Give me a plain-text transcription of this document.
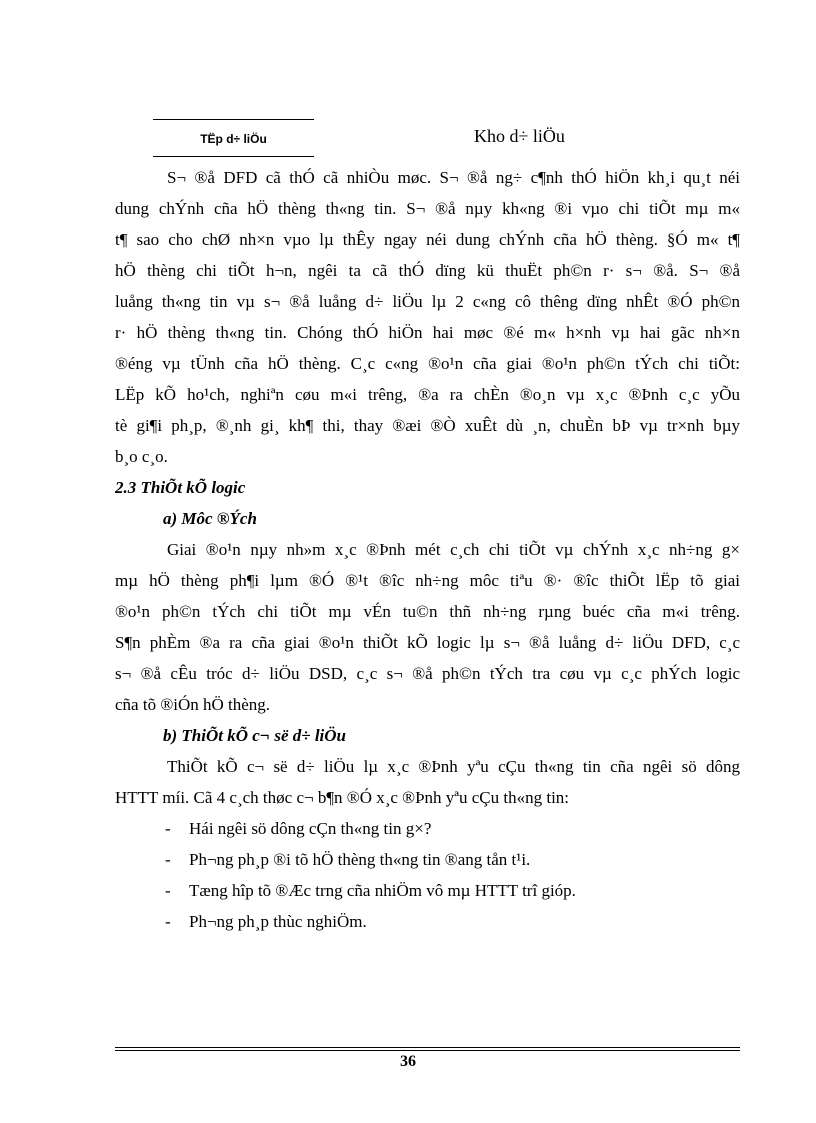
TËp d÷ liÖu	Kho d÷ liÖu
S¬ ®å DFD cã thÓ cã nhiÒu møc. S¬ ®å ng÷ c¶nh thÓ hiÖn kh¸i qu¸t néi
dung chÝnh cña hÖ thèng th«ng tin. S¬ ®å nµy kh«ng ®i vµo chi tiÕt mµ m«
t¶ sao cho chØ nh×n vµo lµ thÊy ngay néi dung chÝnh cña hÖ thèng. §Ó m« t¶
hÖ thèng chi tiÕt h¬n, ngêi ta cã thÓ dïng kü thuËt ph©n r· s¬ ®å. S¬ ®å
luång th«ng tin vµ s¬ ®å luång d÷ liÖu lµ 2 c«ng cô thêng dïng nhÊt ®Ó ph©n
r· hÖ thèng th«ng tin. Chóng thÓ hiÖn hai møc ®é m« h×nh vµ hai gãc nh×n
®éng vµ tÜnh cña hÖ thèng. C¸c c«ng ®o¹n cña giai ®o¹n ph©n tÝch chi tiÕt:
LËp kÕ ho¹ch, nghiªn cøu m«i trêng, ®a ra chÈn ®o¸n vµ x¸c ®Þnh c¸c yÕu
tè gi¶i ph¸p, ®¸nh gi¸ kh¶ thi, thay ®æi ®Ò xuÊt dù ¸n, chuÈn bÞ vµ tr×nh bµy
b¸o c¸o.
2.3 ThiÕt kÕ logic
a) Môc ®Ých
Giai ®o¹n nµy nh»m x¸c ®Þnh mét c¸ch chi tiÕt vµ chÝnh x¸c nh÷ng g×
mµ hÖ thèng ph¶i lµm ®Ó ®¹t ®îc nh÷ng môc tiªu ®· ®îc thiÕt lËp tõ giai
®o¹n ph©n tÝch chi tiÕt mµ vÉn tu©n thñ nh÷ng rµng buéc cña m«i trêng.
S¶n phÈm ®a ra cña giai ®o¹n thiÕt kÕ logic lµ s¬ ®å luång d÷ liÖu DFD, c¸c
s¬ ®å cÊu tróc d÷ liÖu DSD, c¸c s¬ ®å ph©n tÝch tra cøu vµ c¸c phÝch logic
cña tõ ®iÓn hÖ thèng.
b) ThiÕt kÕ c¬ së d÷ liÖu
ThiÕt kÕ c¬ së d÷ liÖu lµ x¸c ®Þnh yªu cÇu th«ng tin cña ngêi sö dông
HTTT míi. Cã 4 c¸ch thøc c¬ b¶n ®Ó x¸c ®Þnh yªu cÇu th«ng tin:
- Hái ngêi sö dông cÇn th«ng tin g×?
- Ph¬ng ph¸p ®i tõ hÖ thèng th«ng tin ®ang tån t¹i.
- Tæng hîp tõ ®Æc trng cña nhiÖm vô mµ HTTT trî gióp.
- Ph¬ng ph¸p thùc nghiÖm.
36
